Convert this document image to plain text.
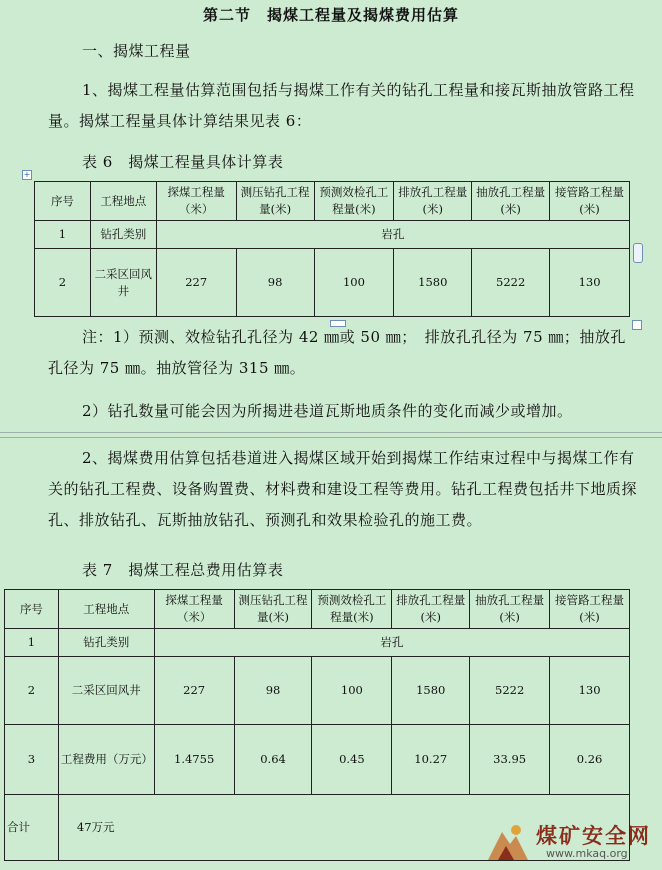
第二节　揭煤工程量及揭煤费用估算
一、揭煤工程量
1、揭煤工程量估算范围包括与揭煤工作有关的钻孔工程量和接瓦斯抽放管路工程量。揭煤工程量具体计算结果见表 6：
表 6　揭煤工程量具体计算表
+
序号	工程地点	探煤工程量（米）	测压钻孔工程量(米)	预测效检孔工程量(米)	排放孔工程量(米)	抽放孔工程量(米)	接管路工程量(米)
1	钻孔类别	岩孔					
2	二采区回风井	227	98	100	1580	5222	130
注：1）预测、效检钻孔孔径为 42 ㎜或 50 ㎜；　排放孔孔径为 75 ㎜；抽放孔孔径为 75 ㎜。抽放管径为 315 ㎜。
2）钻孔数量可能会因为所揭进巷道瓦斯地质条件的变化而减少或增加。
2、揭煤费用估算包括巷道进入揭煤区域开始到揭煤工作结束过程中与揭煤工作有关的钻孔工程费、设备购置费、材料费和建设工程等费用。钻孔工程费包括井下地质探孔、排放钻孔、瓦斯抽放钻孔、预测孔和效果检验孔的施工费。
表 7　揭煤工程总费用估算表
序号	工程地点	探煤工程量（米）	测压钻孔工程量(米)	预测效检孔工程量(米)	排放孔工程量(米)	抽放孔工程量(米)	接管路工程量(米)
1	钻孔类别	岩孔					
2	二采区回风井	227	98	100	1580	5222	130
3	工程费用（万元）	1.4755	0.64	0.45	10.27	33.95	0.26
合计	47万元							煤矿安全网
www.mkaq.org
